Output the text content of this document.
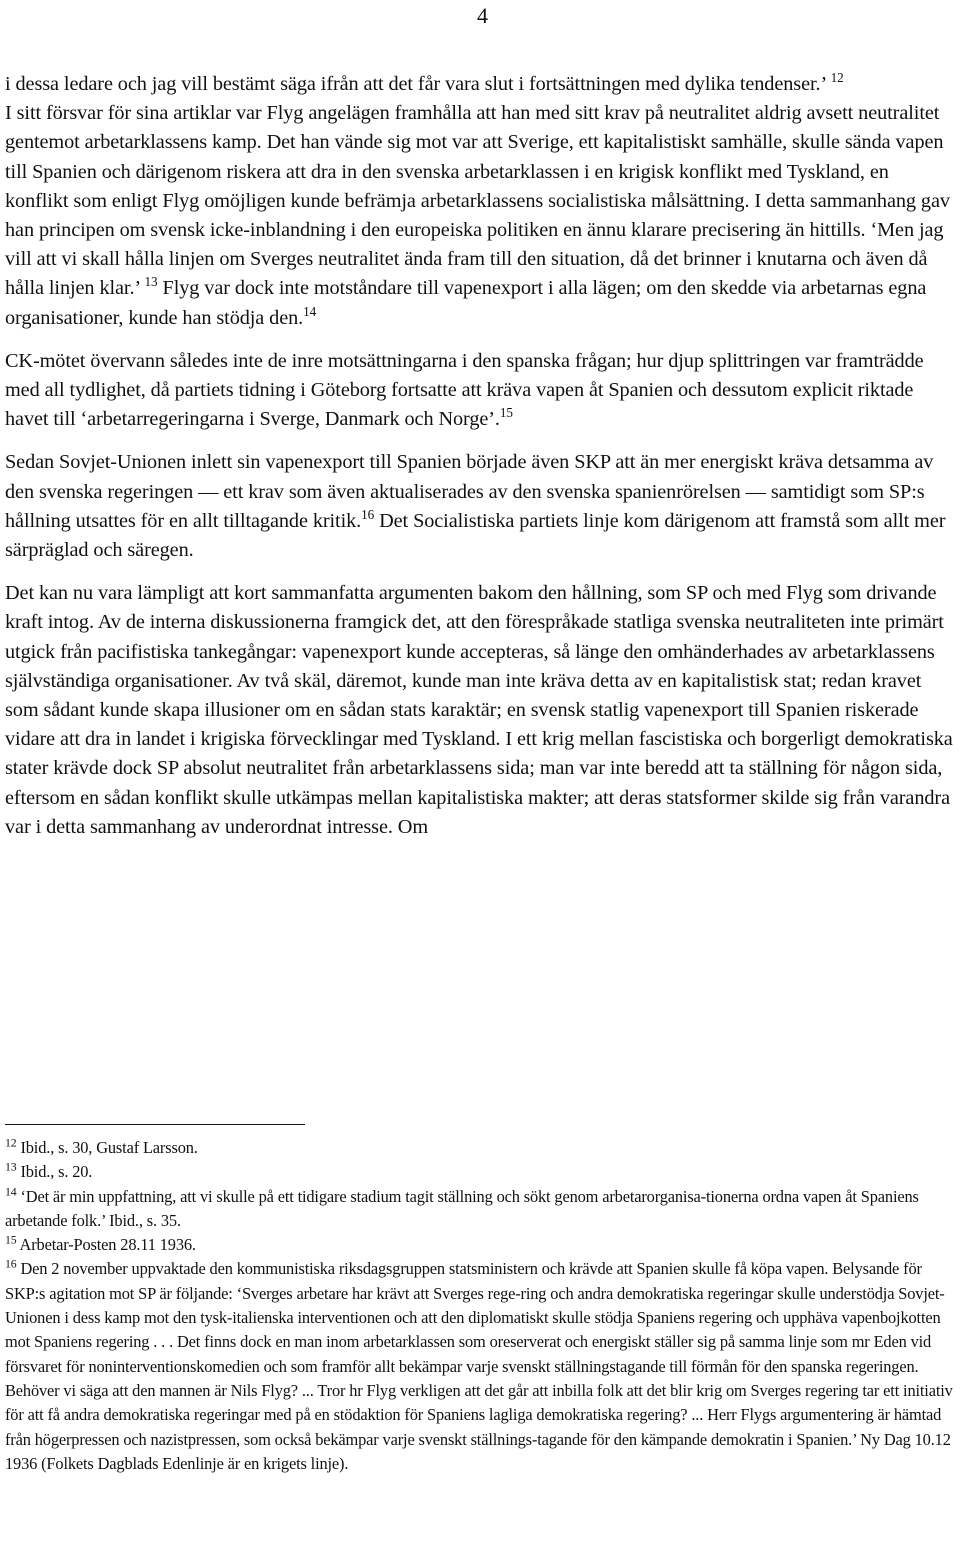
4

i dessa ledare och jag vill bestämt säga ifrån att det får vara slut i fortsättningen med dylika tendenser.’ $^{12}$

I sitt försvar för sina artiklar var Flyg angelägen framhålla att han med sitt krav på neutralitet aldrig avsett neutralitet gentemot arbetarklassens kamp. Det han vände sig mot var att Sverige, ett kapitalistiskt samhälle, skulle sända vapen till Spanien och därigenom riskera att dra in den svenska arbetarklassen i en krigisk konflikt med Tyskland, en konflikt som enligt Flyg omöjligen kunde befrämja arbetarklassens socialistiska målsättning. I detta sammanhang gav han principen om svensk icke-inblandning i den europeiska politiken en ännu klarare precisering än hittills. ‘Men jag vill att vi skall hålla linjen om Sverges neutralitet ända fram till den situation, då det brinner i knutarna och även då hålla linjen klar.’ $^{13}$ Flyg var dock inte motståndare till vapenexport i alla lägen; om den skedde via arbetarnas egna organisationer, kunde han stödja den.$^{14}$

CK-mötet övervann således inte de inre motsättningarna i den spanska frågan; hur djup splittringen var framträdde med all tydlighet, då partiets tidning i Göteborg fortsatte att kräva vapen åt Spanien och dessutom explicit riktade havet till ‘arbetarregeringarna i Sverge, Danmark och Norge’.$^{15}$

Sedan Sovjet-Unionen inlett sin vapenexport till Spanien började även SKP att än mer energiskt kräva detsamma av den svenska regeringen — ett krav som även aktualiserades av den svenska spanienrörelsen — samtidigt som SP:s hållning utsattes för en allt tilltagande kritik.$^{16}$ Det Socialistiska partiets linje kom därigenom att framstå som allt mer särpräglad och säregen.

Det kan nu vara lämpligt att kort sammanfatta argumenten bakom den hållning, som SP och med Flyg som drivande kraft intog. Av de interna diskussionerna framgick det, att den förespråkade statliga svenska neutraliteten inte primärt utgick från pacifistiska tankegångar: vapenexport kunde accepteras, så länge den omhänderhades av arbetarklassens självständiga organisationer. Av två skäl, däremot, kunde man inte kräva detta av en kapitalistisk stat; redan kravet som sådant kunde skapa illusioner om en sådan stats karaktär; en svensk statlig vapenexport till Spanien riskerade vidare att dra in landet i krigiska förvecklingar med Tyskland. I ett krig mellan fascistiska och borgerligt demokratiska stater krävde dock SP absolut neutralitet från arbetarklassens sida; man var inte beredd att ta ställning för någon sida, eftersom en sådan konflikt skulle utkämpas mellan kapitalistiska makter; att deras statsformer skilde sig från varandra var i detta sammanhang av underordnat intresse. Om

$^{12}$ Ibid., s. 30, Gustaf Larsson.

$^{13}$ Ibid., s. 20.

$^{14}$ ‘Det är min uppfattning, att vi skulle på ett tidigare stadium tagit ställning och sökt genom arbetarorganisa-tionerna ordna vapen åt Spaniens arbetande folk.’ Ibid., s. 35.

$^{15}$ Arbetar-Posten 28.11 1936.

$^{16}$ Den 2 november uppvaktade den kommunistiska riksdagsgruppen statsministern och krävde att Spanien skulle få köpa vapen. Belysande för SKP:s agitation mot SP är följande: ‘Sverges arbetare har krävt att Sverges rege-ring och andra demokratiska regeringar skulle understödja Sovjet-Unionen i dess kamp mot den tysk-italienska interventionen och att den diplomatiskt skulle stödja Spaniens regering och upphäva vapenbojkotten mot Spaniens regering . . . Det finns dock en man inom arbetarklassen som oreserverat och energiskt ställer sig på samma linje som mr Eden vid försvaret för noninterventionskomedien och som framför allt bekämpar varje svenskt ställningstagande till förmån för den spanska regeringen. Behöver vi säga att den mannen är Nils Flyg? ... Tror hr Flyg verkligen att det går att inbilla folk att det blir krig om Sverges regering tar ett initiativ för att få andra demokratiska regeringar med på en stödaktion för Spaniens lagliga demokratiska regering? ... Herr Flygs argumentering är hämtad från högerpressen och nazistpressen, som också bekämpar varje svenskt ställnings-tagande för den kämpande demokratin i Spanien.’ Ny Dag 10.12 1936 (Folkets Dagblads Edenlinje är en krigets linje).
